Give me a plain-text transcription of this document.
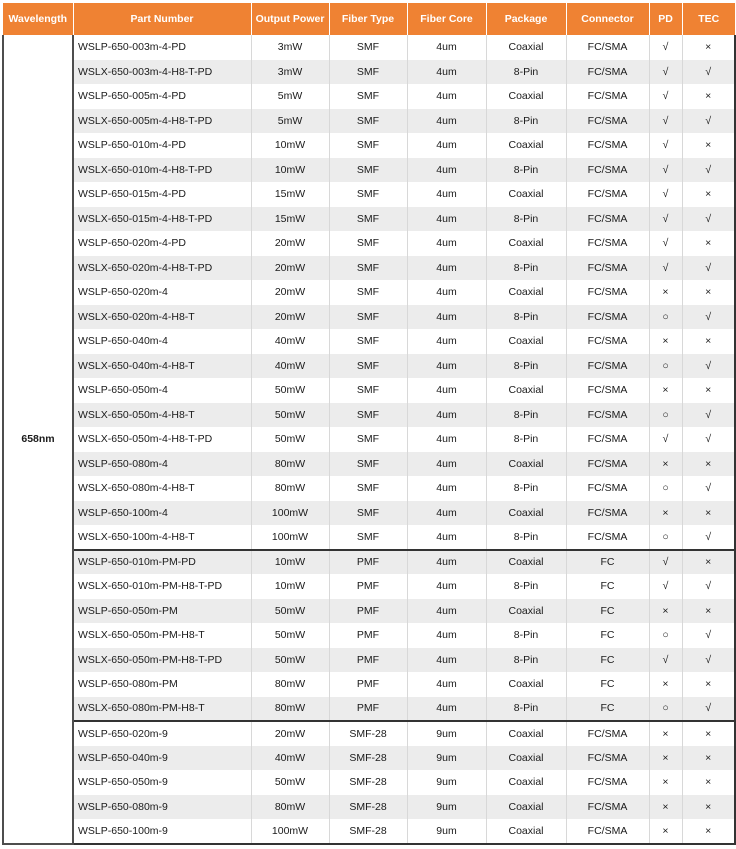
Wavelength	Part Number	Output Power	Fiber Type	Fiber Core	Package	Connector	PD	TEC
658nm	WSLP-650-003m-4-PD	3mW	SMF	4um	Coaxial	FC/SMA	√	×
	WSLX-650-003m-4-H8-T-PD	3mW	SMF	4um	8-Pin	FC/SMA	√	√
	WSLP-650-005m-4-PD	5mW	SMF	4um	Coaxial	FC/SMA	√	×
	WSLX-650-005m-4-H8-T-PD	5mW	SMF	4um	8-Pin	FC/SMA	√	√
	WSLP-650-010m-4-PD	10mW	SMF	4um	Coaxial	FC/SMA	√	×
	WSLX-650-010m-4-H8-T-PD	10mW	SMF	4um	8-Pin	FC/SMA	√	√
	WSLP-650-015m-4-PD	15mW	SMF	4um	Coaxial	FC/SMA	√	×
	WSLX-650-015m-4-H8-T-PD	15mW	SMF	4um	8-Pin	FC/SMA	√	√
	WSLP-650-020m-4-PD	20mW	SMF	4um	Coaxial	FC/SMA	√	×
	WSLX-650-020m-4-H8-T-PD	20mW	SMF	4um	8-Pin	FC/SMA	√	√
	WSLP-650-020m-4	20mW	SMF	4um	Coaxial	FC/SMA	×	×
	WSLX-650-020m-4-H8-T	20mW	SMF	4um	8-Pin	FC/SMA	○	√
	WSLP-650-040m-4	40mW	SMF	4um	Coaxial	FC/SMA	×	×
	WSLX-650-040m-4-H8-T	40mW	SMF	4um	8-Pin	FC/SMA	○	√
	WSLP-650-050m-4	50mW	SMF	4um	Coaxial	FC/SMA	×	×
	WSLX-650-050m-4-H8-T	50mW	SMF	4um	8-Pin	FC/SMA	○	√
	WSLX-650-050m-4-H8-T-PD	50mW	SMF	4um	8-Pin	FC/SMA	√	√
	WSLP-650-080m-4	80mW	SMF	4um	Coaxial	FC/SMA	×	×
	WSLX-650-080m-4-H8-T	80mW	SMF	4um	8-Pin	FC/SMA	○	√
	WSLP-650-100m-4	100mW	SMF	4um	Coaxial	FC/SMA	×	×
	WSLX-650-100m-4-H8-T	100mW	SMF	4um	8-Pin	FC/SMA	○	√
	WSLP-650-010m-PM-PD	10mW	PMF	4um	Coaxial	FC	√	×
	WSLX-650-010m-PM-H8-T-PD	10mW	PMF	4um	8-Pin	FC	√	√
	WSLP-650-050m-PM	50mW	PMF	4um	Coaxial	FC	×	×
	WSLX-650-050m-PM-H8-T	50mW	PMF	4um	8-Pin	FC	○	√
	WSLX-650-050m-PM-H8-T-PD	50mW	PMF	4um	8-Pin	FC	√	√
	WSLP-650-080m-PM	80mW	PMF	4um	Coaxial	FC	×	×
	WSLX-650-080m-PM-H8-T	80mW	PMF	4um	8-Pin	FC	○	√
	WSLP-650-020m-9	20mW	SMF-28	9um	Coaxial	FC/SMA	×	×
	WSLP-650-040m-9	40mW	SMF-28	9um	Coaxial	FC/SMA	×	×
	WSLP-650-050m-9	50mW	SMF-28	9um	Coaxial	FC/SMA	×	×
	WSLP-650-080m-9	80mW	SMF-28	9um	Coaxial	FC/SMA	×	×
	WSLP-650-100m-9	100mW	SMF-28	9um	Coaxial	FC/SMA	×	×
